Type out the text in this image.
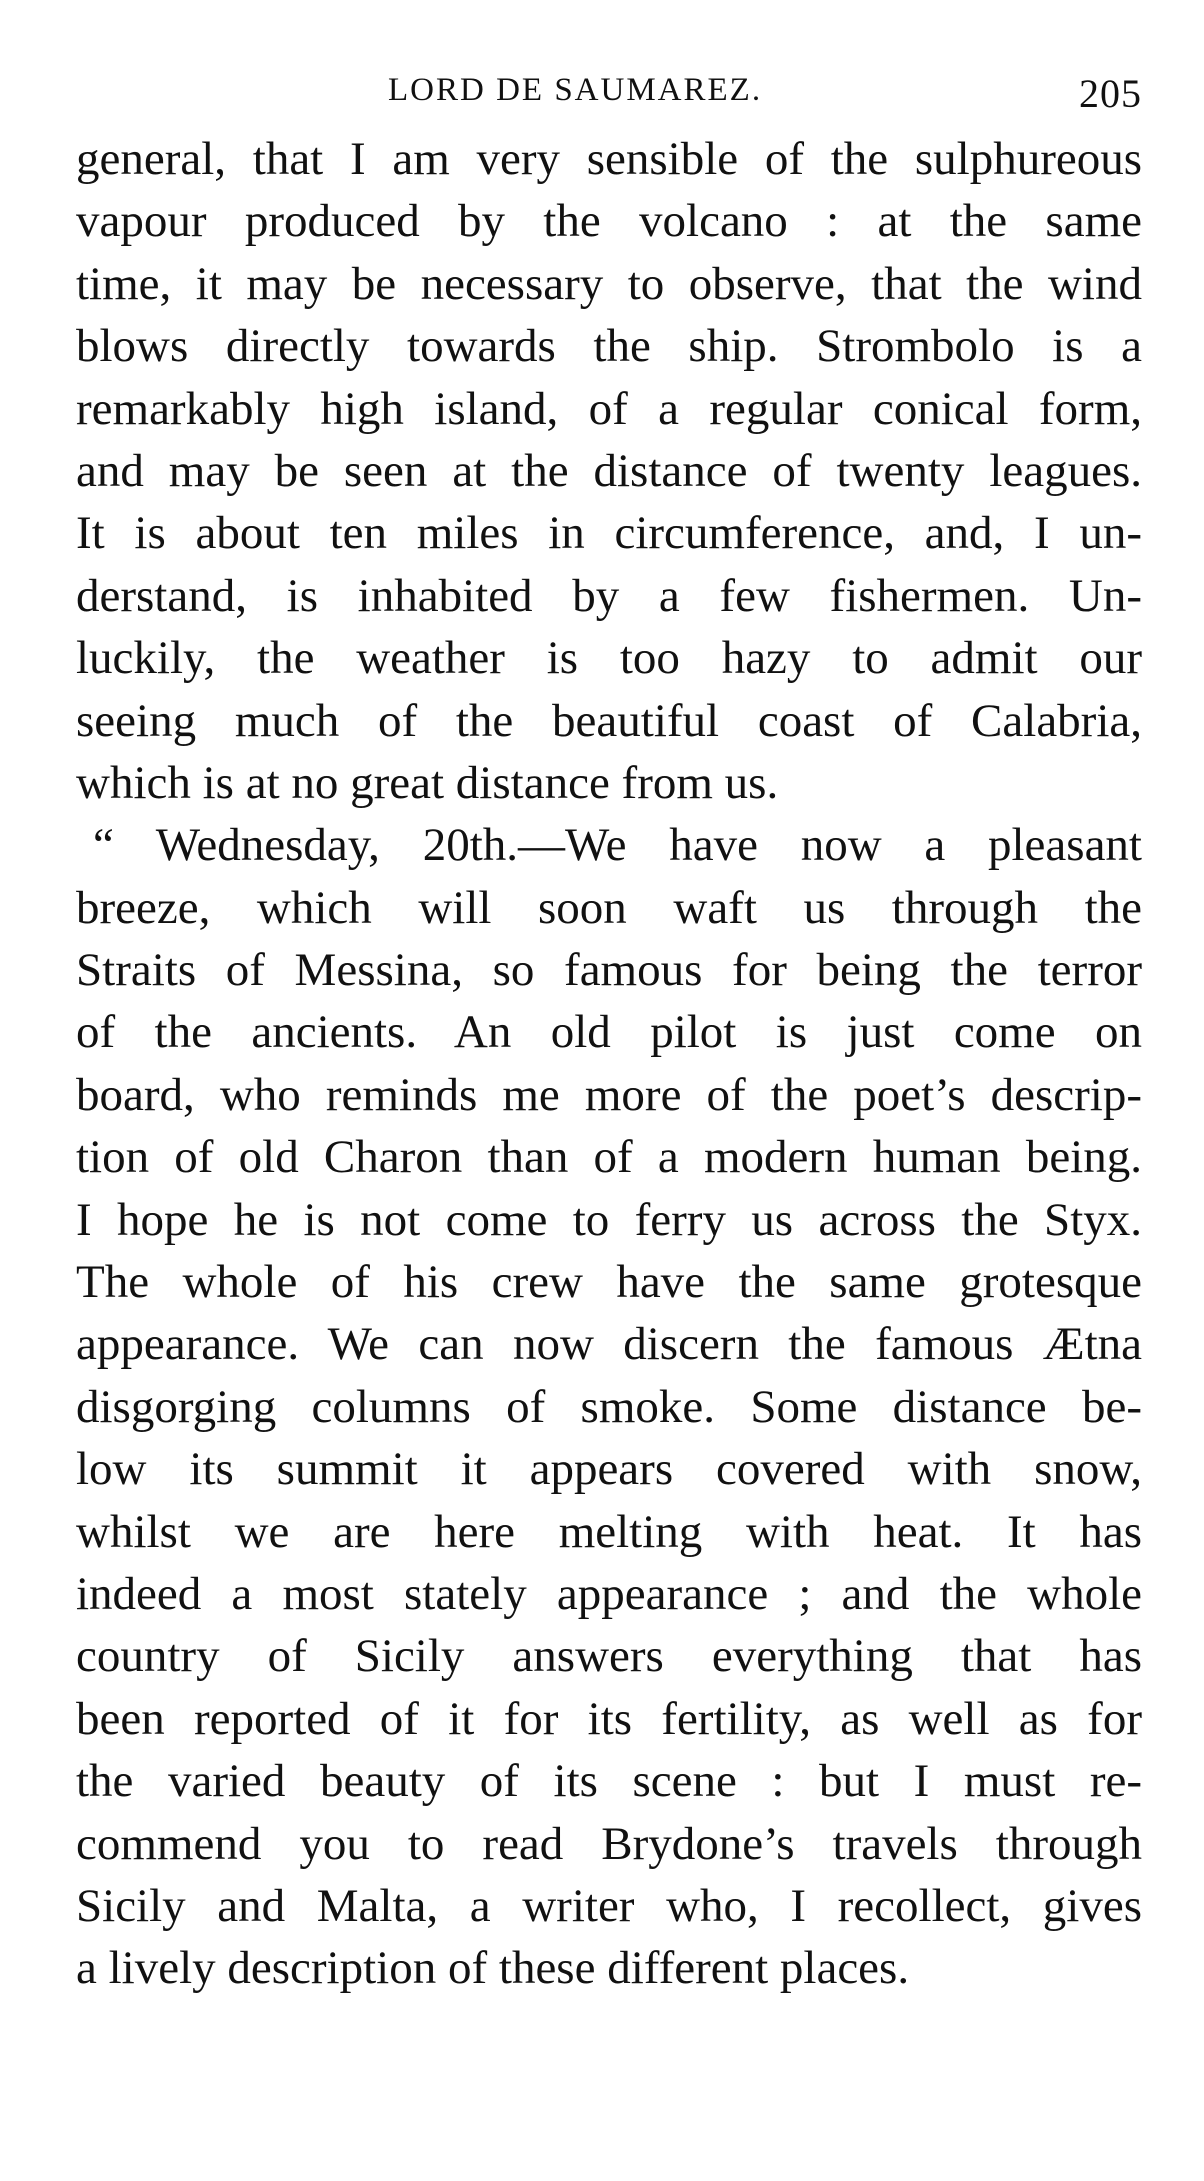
LORD DE SAUMAREZ.	205
general, that I am very sensible of the sulphureous
vapour produced by the volcano : at the same
time, it may be necessary to observe, that the wind
blows directly towards the ship. Strombolo is a
remarkably high island, of a regular conical form,
and may be seen at the distance of twenty leagues.
It is about ten miles in circumference, and, I un-
derstand, is inhabited by a few fishermen. Un-
luckily, the weather is too hazy to admit our
seeing much of the beautiful coast of Calabria,
which is at no great distance from us.
“ Wednesday, 20th.—We have now a pleasant
breeze, which will soon waft us through the
Straits of Messina, so famous for being the terror
of the ancients. An old pilot is just come on
board, who reminds me more of the poet’s descrip-
tion of old Charon than of a modern human being.
I hope he is not come to ferry us across the Styx.
The whole of his crew have the same grotesque
appearance. We can now discern the famous Ætna
disgorging columns of smoke. Some distance be-
low its summit it appears covered with snow,
whilst we are here melting with heat. It has
indeed a most stately appearance ; and the whole
country of Sicily answers everything that has
been reported of it for its fertility, as well as for
the varied beauty of its scene : but I must re-
commend you to read Brydone’s travels through
Sicily and Malta, a writer who, I recollect, gives
a lively description of these different places.
